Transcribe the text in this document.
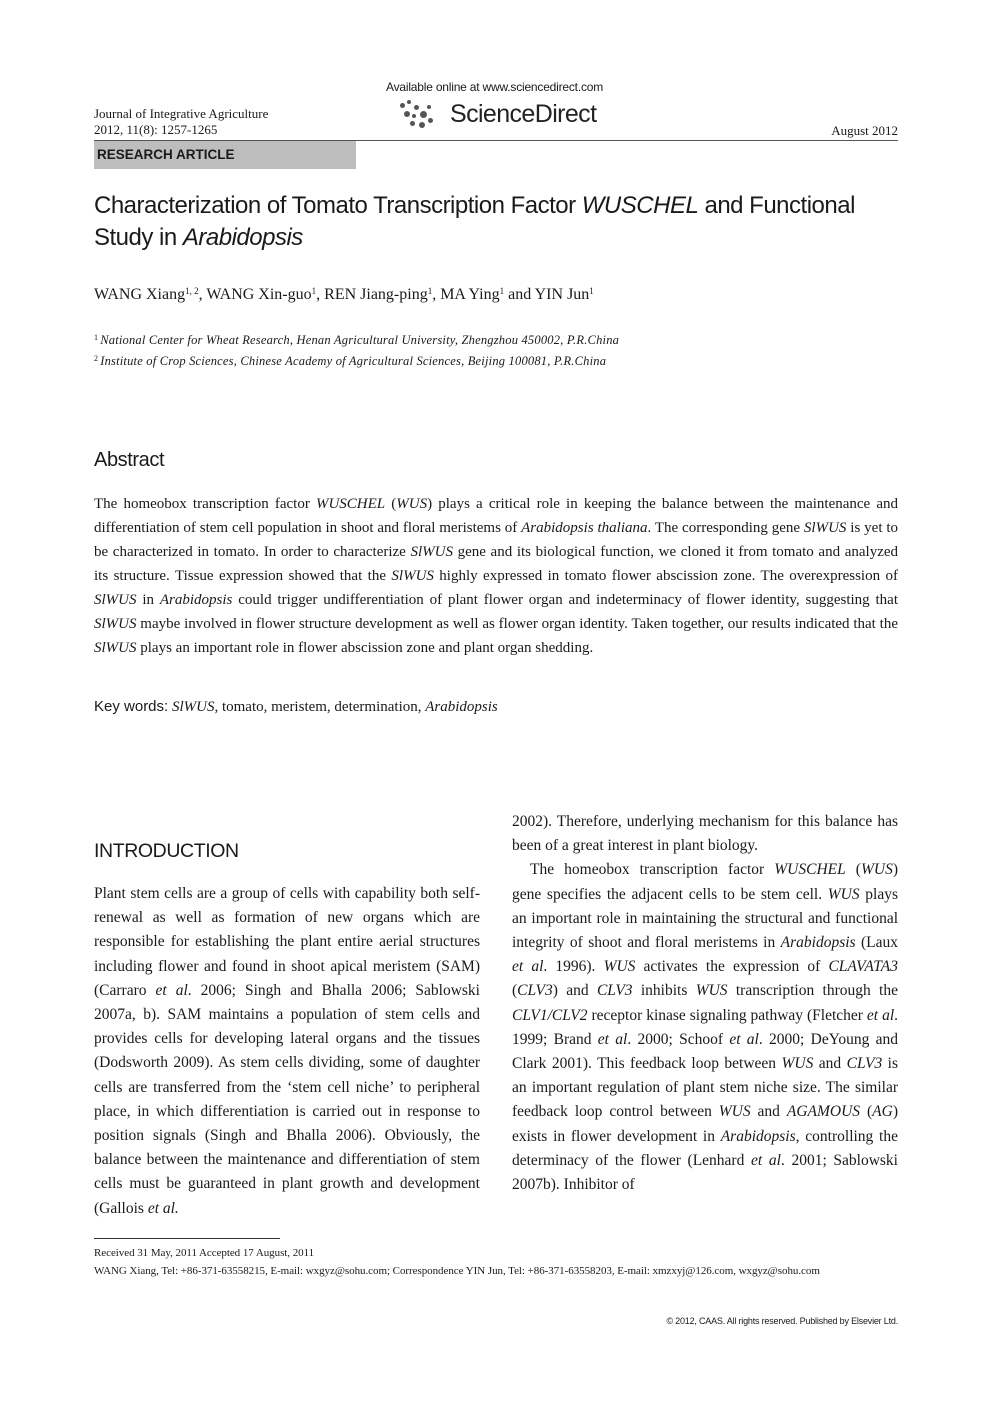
Journal of Integrative Agriculture
2012, 11(8): 1257-1265
Available online at www.sciencedirect.com
ScienceDirect
August 2012
RESEARCH ARTICLE
Characterization of Tomato Transcription Factor WUSCHEL and Functional Study in Arabidopsis
WANG Xiang$^{1, 2}$, WANG Xin-guo$^1$, REN Jiang-ping$^1$, MA Ying$^1$ and YIN Jun$^1$
$^1$ National Center for Wheat Research, Henan Agricultural University, Zhengzhou 450002, P.R.China
$^2$ Institute of Crop Sciences, Chinese Academy of Agricultural Sciences, Beijing 100081, P.R.China
Abstract
The homeobox transcription factor WUSCHEL (WUS) plays a critical role in keeping the balance between the maintenance and differentiation of stem cell population in shoot and floral meristems of Arabidopsis thaliana. The corresponding gene SlWUS is yet to be characterized in tomato. In order to characterize SlWUS gene and its biological function, we cloned it from tomato and analyzed its structure. Tissue expression showed that the SlWUS highly expressed in tomato flower abscission zone. The overexpression of SlWUS in Arabidopsis could trigger undifferentiation of plant flower organ and indeterminacy of flower identity, suggesting that SlWUS maybe involved in flower structure development as well as flower organ identity. Taken together, our results indicated that the SlWUS plays an important role in flower abscission zone and plant organ shedding.
Key words: SlWUS, tomato, meristem, determination, Arabidopsis
INTRODUCTION

Plant stem cells are a group of cells with capability both self-renewal as well as formation of new organs which are responsible for establishing the plant entire aerial structures including flower and found in shoot apical meristem (SAM) (Carraro et al. 2006; Singh and Bhalla 2006; Sablowski 2007a, b). SAM maintains a population of stem cells and provides cells for developing lateral organs and the tissues (Dodsworth 2009). As stem cells dividing, some of daughter cells are transferred from the ‘stem cell niche’ to peripheral place, in which differentiation is carried out in response to position signals (Singh and Bhalla 2006). Obviously, the balance between the maintenance and differentiation of stem cells must be guaranteed in plant growth and development (Gallois et al.

2002). Therefore, underlying mechanism for this balance has been of a great interest in plant biology.

The homeobox transcription factor WUSCHEL (WUS) gene specifies the adjacent cells to be stem cell. WUS plays an important role in maintaining the structural and functional integrity of shoot and floral meristems in Arabidopsis (Laux et al. 1996). WUS activates the expression of CLAVATA3 (CLV3) and CLV3 inhibits WUS transcription through the CLV1/CLV2 receptor kinase signaling pathway (Fletcher et al. 1999; Brand et al. 2000; Schoof et al. 2000; DeYoung and Clark 2001). This feedback loop between WUS and CLV3 is an important regulation of plant stem niche size. The similar feedback loop control between WUS and AGAMOUS (AG) exists in flower development in Arabidopsis, controlling the determinacy of the flower (Lenhard et al. 2001; Sablowski 2007b). Inhibitor of

Received 31 May, 2011 Accepted 17 August, 2011
WANG Xiang, Tel: +86-371-63558215, E-mail: wxgyz@sohu.com; Correspondence YIN Jun, Tel: +86-371-63558203, E-mail: xmzxyj@126.com, wxgyz@sohu.com
© 2012, CAAS. All rights reserved. Published by Elsevier Ltd.
